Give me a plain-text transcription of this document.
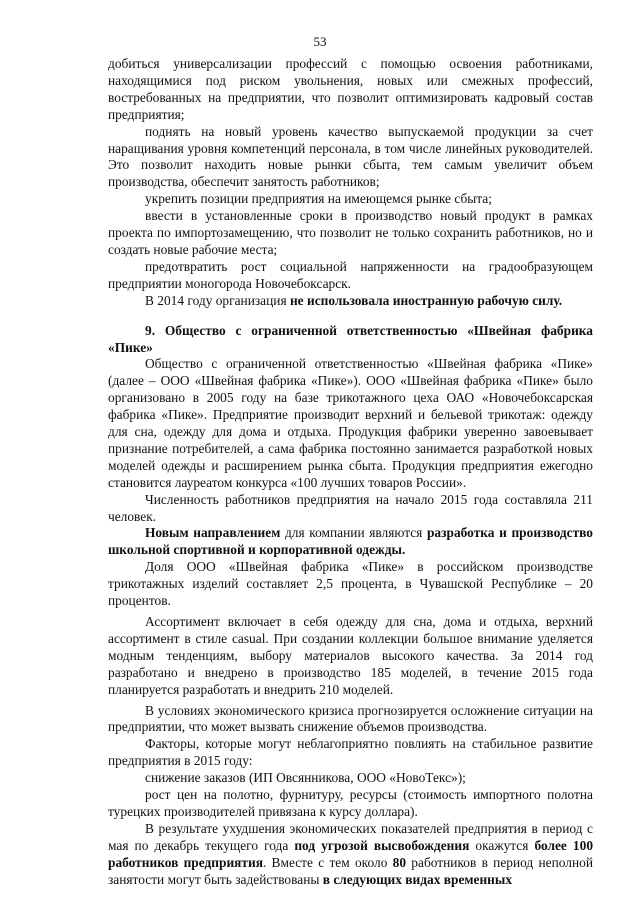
53

добиться универсализации профессий с помощью освоения работниками, находящимися под риском увольнения, новых или смежных профессий, востребованных на предприятии, что позволит оптимизировать кадровый состав предприятия;

поднять на новый уровень качество выпускаемой продукции за счет наращивания уровня компетенций персонала, в том числе линейных руководителей. Это позволит находить новые рынки сбыта, тем самым увеличит объем производства, обеспечит занятость работников;

укрепить позиции предприятия на имеющемся рынке сбыта;

ввести в установленные сроки в производство новый продукт в рамках проекта по импортозамещению, что позволит не только сохранить работников, но и создать новые рабочие места;

предотвратить рост социальной напряженности на градообразующем предприятии моногорода Новочебоксарск.

В 2014 году организация не использовала иностранную рабочую силу.

9. Общество с ограниченной ответственностью «Швейная фабрика «Пике»

Общество с ограниченной ответственностью «Швейная фабрика «Пике» (далее – ООО «Швейная фабрика «Пике»). ООО «Швейная фабрика «Пике» было организовано в 2005 году на базе трикотажного цеха ОАО «Новочебоксарская фабрика «Пике». Предприятие производит верхний и бельевой трикотаж: одежду для сна, одежду для дома и отдыха. Продукция фабрики уверенно завоевывает признание потребителей, а сама фабрика постоянно занимается разработкой новых моделей одежды и расширением рынка сбыта. Продукция предприятия ежегодно становится лауреатом конкурса «100 лучших товаров России».

Численность работников предприятия на начало 2015 года составляла 211 человек.

Новым направлением для компании являются разработка и производство школьной спортивной и корпоративной одежды.

Доля ООО «Швейная фабрика «Пике» в российском производстве трикотажных изделий составляет 2,5 процента, в Чувашской Республике – 20 процентов.

Ассортимент включает в себя одежду для сна, дома и отдыха, верхний ассортимент в стиле casual. При создании коллекции большое внимание уделяется модным тенденциям, выбору материалов высокого качества. За 2014 год разработано и внедрено в производство 185 моделей, в течение 2015 года планируется разработать и внедрить 210 моделей.

В условиях экономического кризиса прогнозируется осложнение ситуации на предприятии, что может вызвать снижение объемов производства.

Факторы, которые могут неблагоприятно повлиять на стабильное развитие предприятия в 2015 году:

снижение заказов (ИП Овсянникова, ООО «НовоТекс»);

рост цен на полотно, фурнитуру, ресурсы (стоимость импортного полотна турецких производителей привязана к курсу доллара).

В результате ухудшения экономических показателей предприятия в период с мая по декабрь текущего года под угрозой высвобождения окажутся более 100 работников предприятия. Вместе с тем около 80 работников в период неполной занятости могут быть задействованы в следующих видах временных
